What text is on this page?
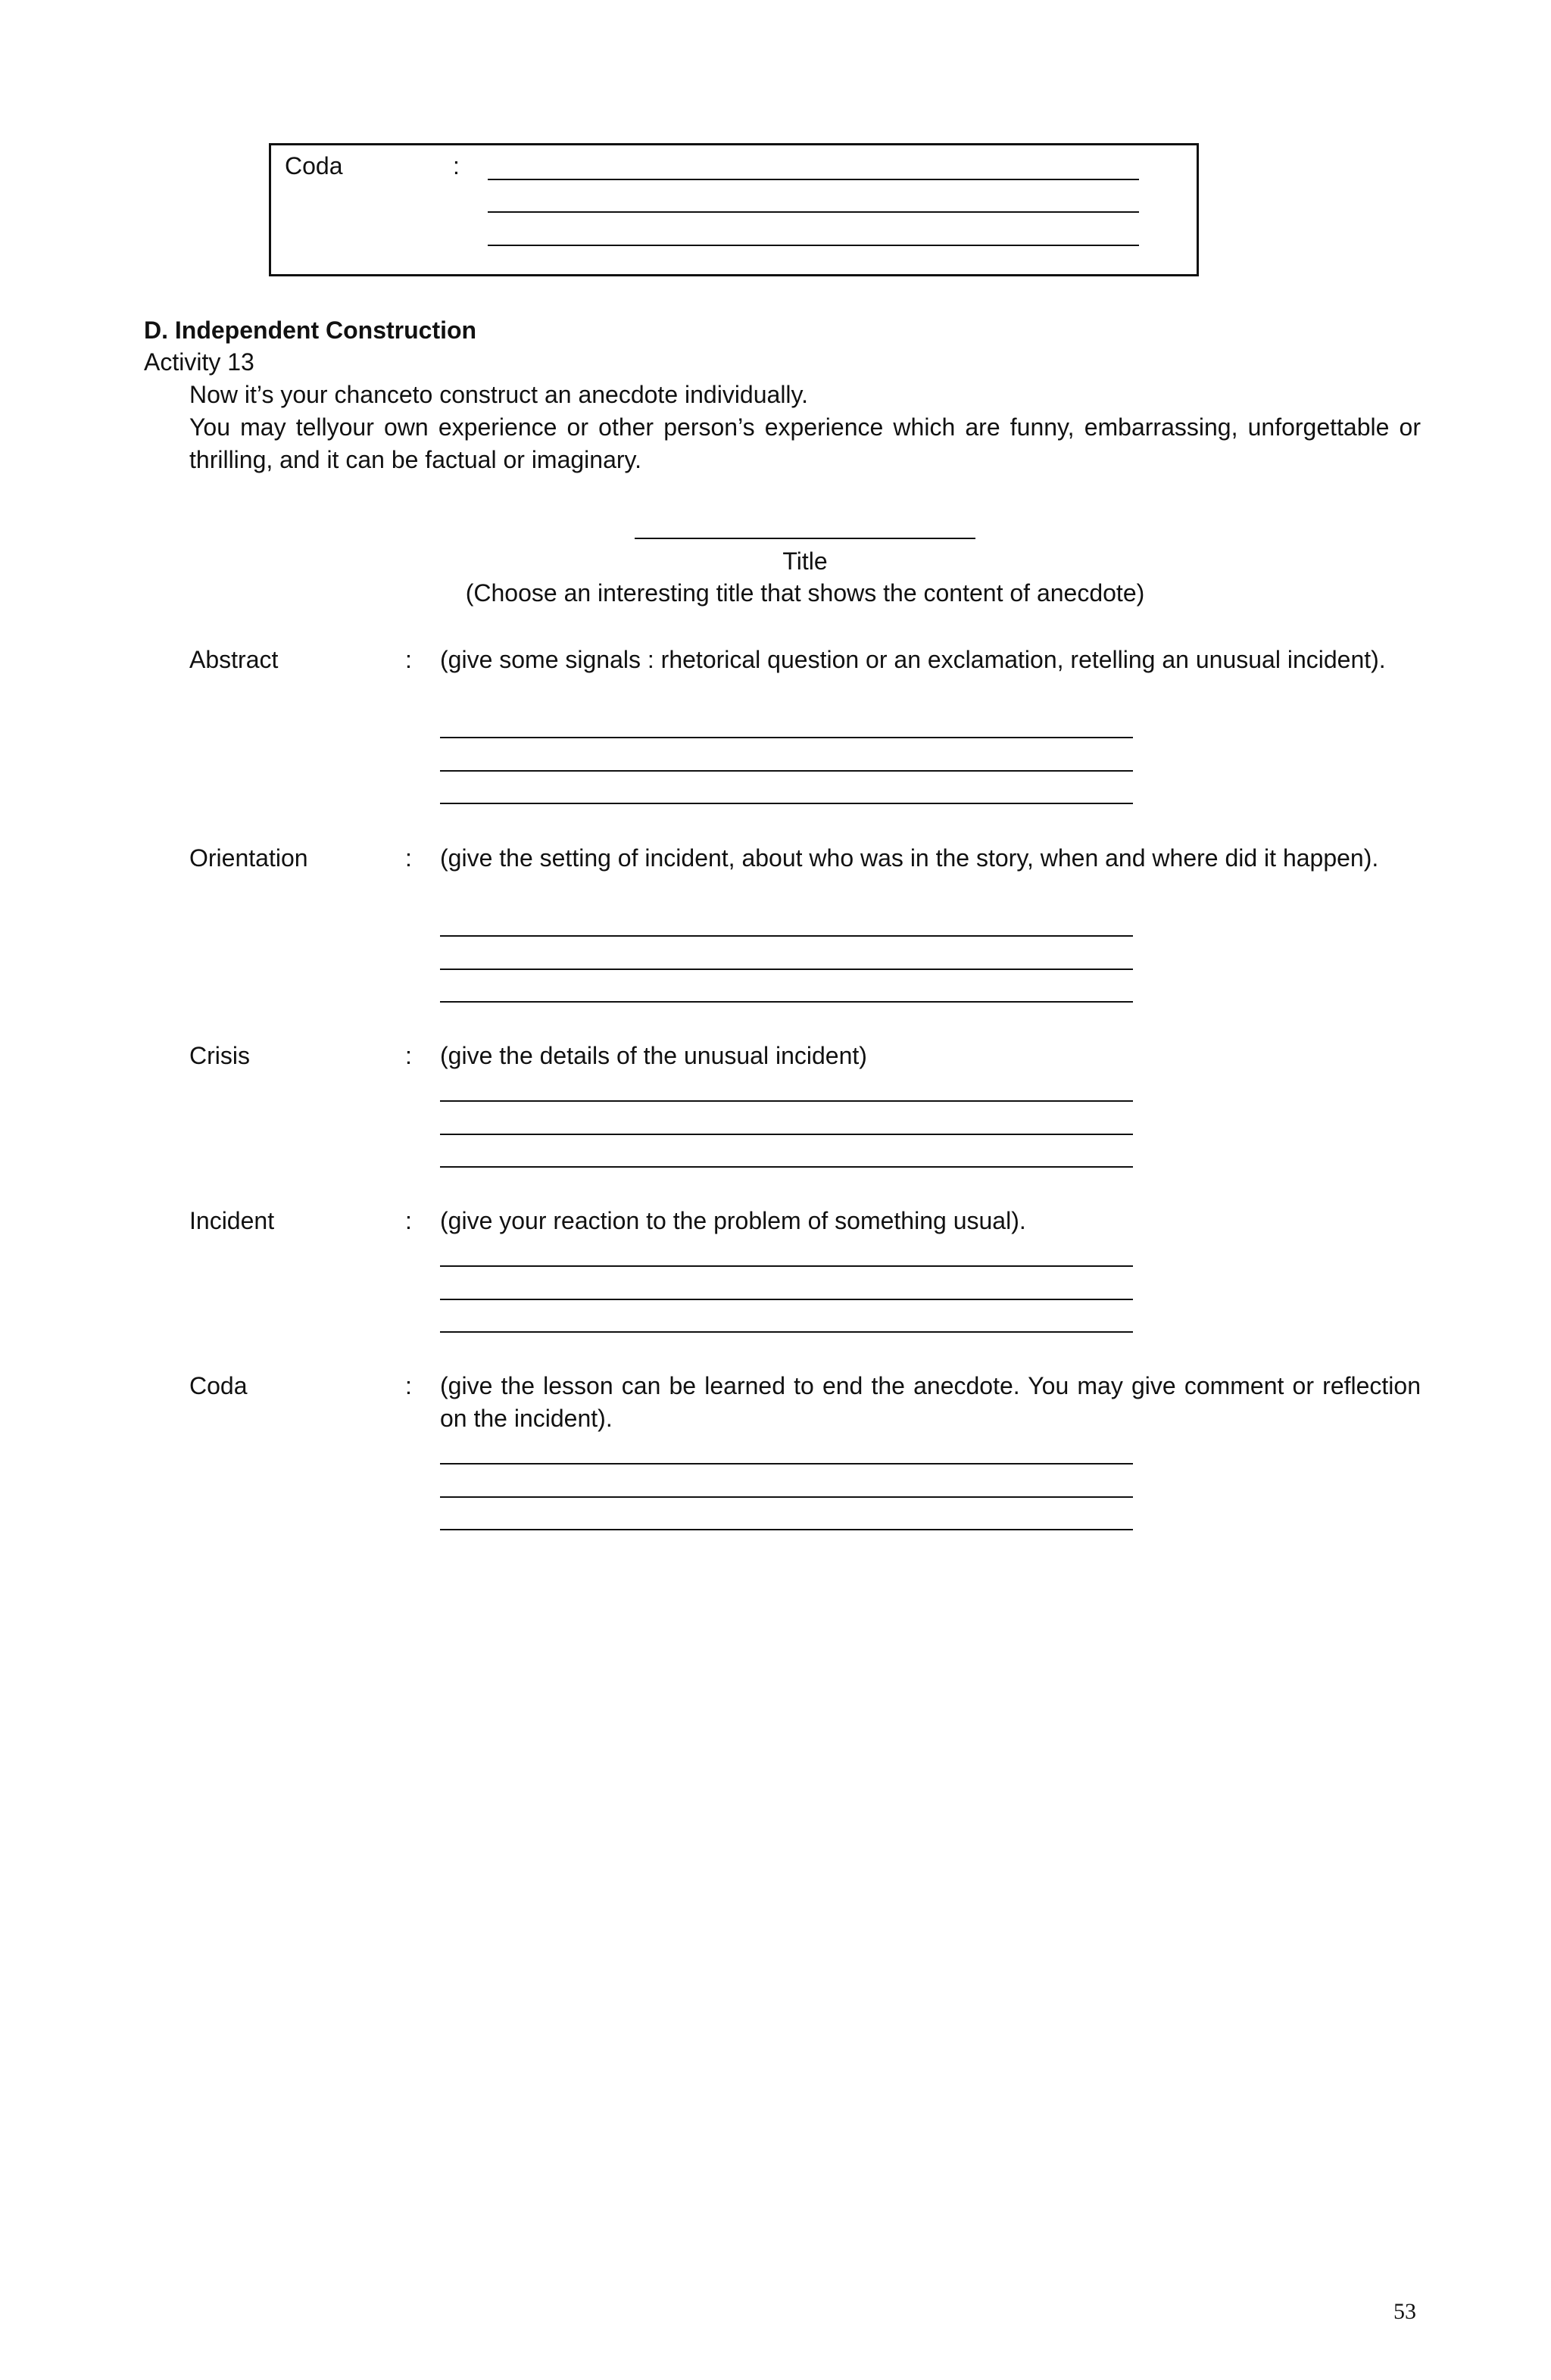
Coda	:
D. Independent Construction
Activity 13
Now it’s your chanceto construct an anecdote individually.
You may tellyour own experience or other person’s experience which are funny, embarrassing, unforgettable or thrilling, and it can be factual or imaginary.
Title
(Choose an interesting title that shows the content of anecdote)
Abstract	: (give some signals : rhetorical question or an exclamation, retelling an unusual incident).
Orientation	: (give the setting of incident, about who was in the story, when and where did it happen).
Crisis	: (give the details of the unusual incident)
Incident	: (give your reaction to the problem of something usual).
Coda	: (give the lesson can be learned to end the anecdote. You may give comment or reflection on the incident).
53
